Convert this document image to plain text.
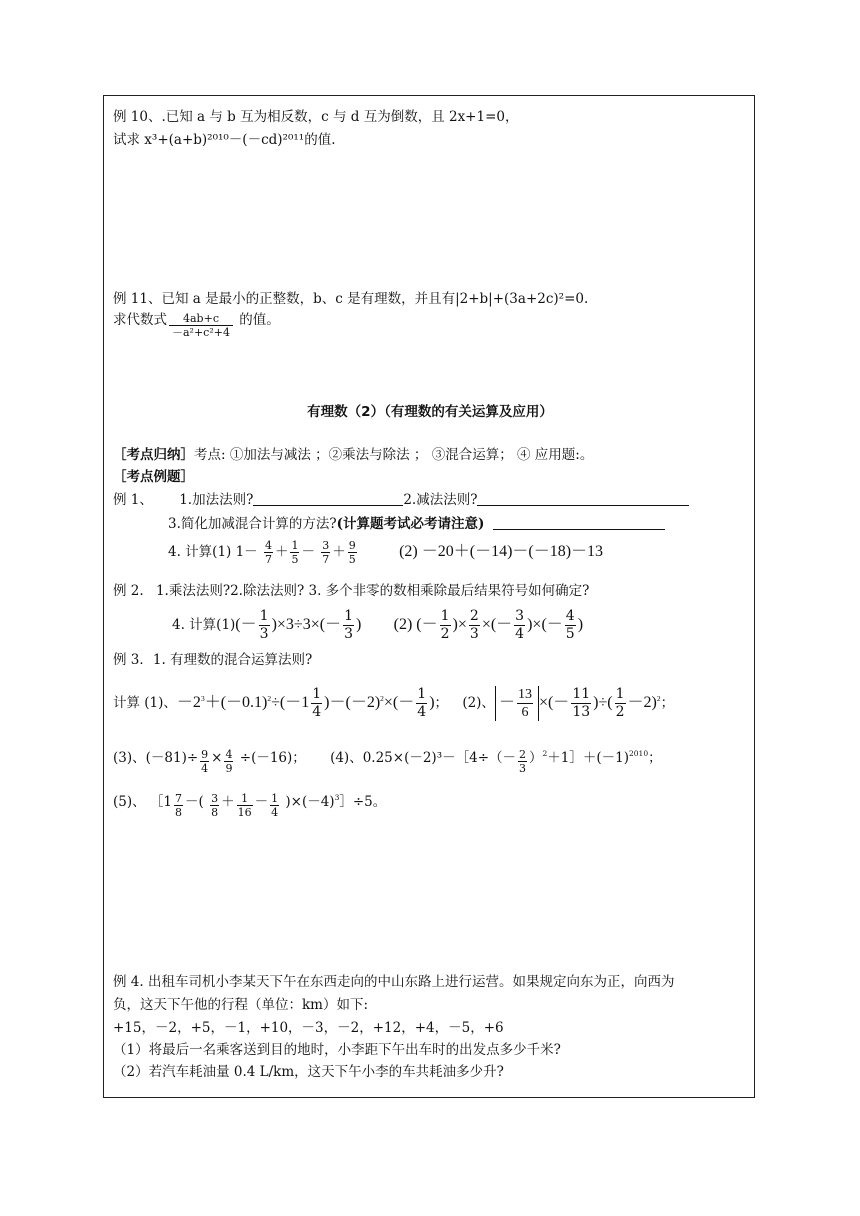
例 10、.已知 a 与 b 互为相反数，c 与 d 互为倒数，且 2x+1=0，
试求 x³+(a+b)²⁰¹⁰－(－cd)²⁰¹¹的值.
例 11、已知 a 是最小的正整数，b、c 是有理数，并且有|2+b|+(3a+2c)²=0.
求代数式 $\frac{4ab+c}{\text{－a²+c²+4}}$ 的值。
有理数（2）（有理数的有关运算及应用）
［考点归纳］考点: ①加法与减法 ；②乘法与除法 ； ③混合运算； ④ 应用题:。
［考点例题］
例 1、 1.加法法则?	2.减法法则?
3.简化加减混合计算的方法?(计算题考试必考请注意)
4. 计算(1) $1- \frac{4}{7} + \frac{1}{5} - \frac{3}{7} + \frac{9}{5}$	(2) －20＋(－14)－(－18)－13
例 2. 1.乘法法则?2.除法法则? 3. 多个非零的数相乘除最后结果符号如何确定?
4. 计算$(1)(- \frac{1}{3} )\times 3\div 3\times(- \frac{1}{3}$ ) (2) (－ $\frac{1}{2}$ )× $\frac{2}{3}$ ×(－ $\frac{3}{4}$ )×(－ $\frac{4}{5}$ )
例 3．1. 有理数的混合运算法则?
计算 (1)、$-2^3+(-0.1)^2\div(-1 \frac{1}{4} )-(-2)^2\times(- \frac{1}{4}$ )； (2)、 － $\frac{13}{6}$ ×(－ $\frac{11}{13}$ )÷( $\frac{1}{2} -2)^2$；
(3)、$(-81)\div \frac{9}{4} \times \frac{4}{9} \div(-16)$； (4)、0.25×(－2)³－［4÷（－ $\frac{2}{3}$ ）$^2+1]+(-1)^{2010}$；
(5)、 ［1 $\frac{7}{8}$ －( $\frac{3}{8} + \frac{1}{16} - \frac{1}{4}$ )$\times(-4)^3]\div 5$。
例 4. 出租车司机小李某天下午在东西走向的中山东路上进行运营。如果规定向东为正，向西为
负，这天下午他的行程（单位：km）如下:
+15，－2，+5，－1，+10，－3，－2，+12，+4，－5，+6
（1）将最后一名乘客送到目的地时，小李距下午出车时的出发点多少千米?
（2）若汽车耗油量 0.4 L/km，这天下午小李的车共耗油多少升?
